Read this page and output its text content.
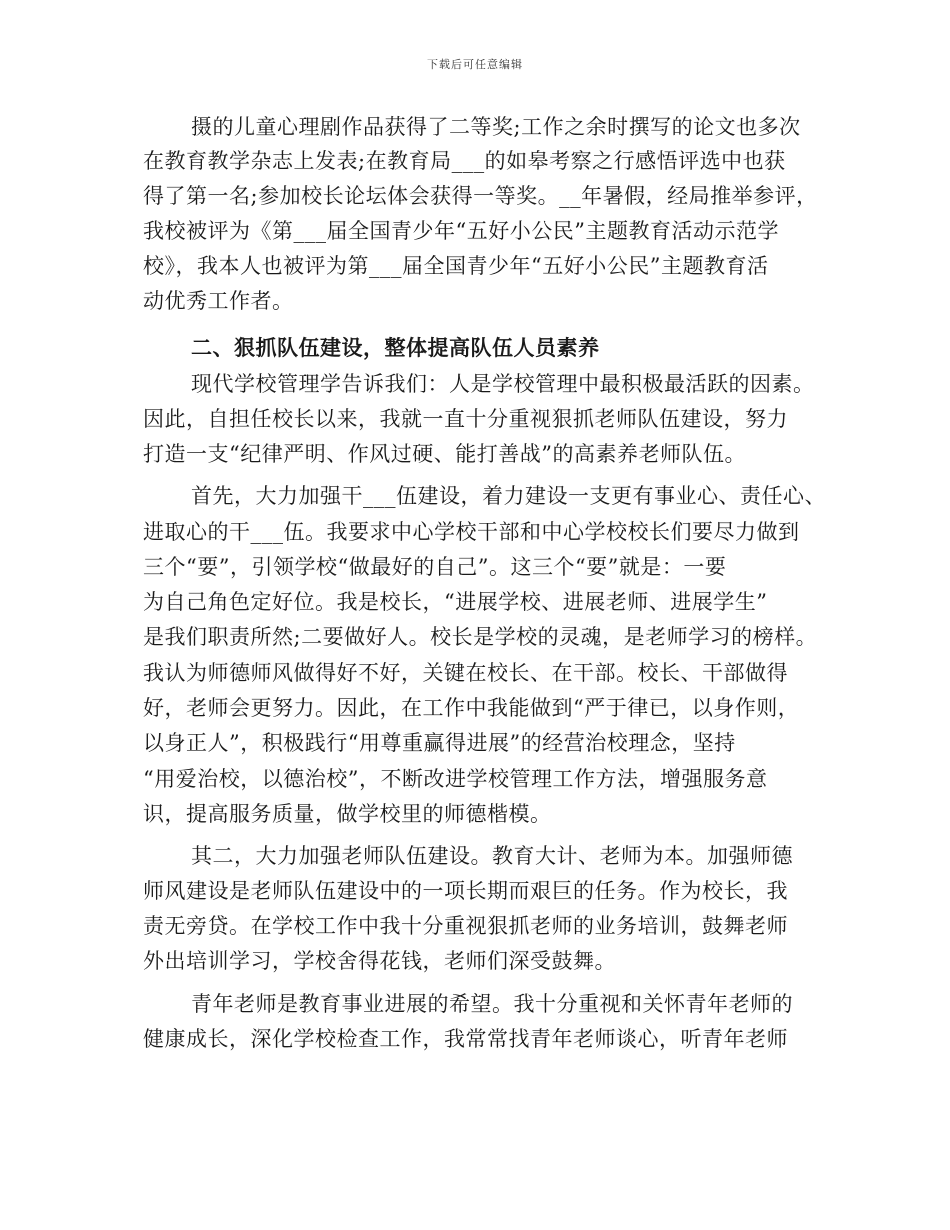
下载后可任意编辑
摄的儿童心理剧作品获得了二等奖;工作之余时撰写的论文也多次
在教育教学杂志上发表;在教育局___的如皋考察之行感悟评选中也获
得了第一名;参加校长论坛体会获得一等奖。__年暑假，经局推举参评，
我校被评为《第___届全国青少年“五好小公民”主题教育活动示范学
校》，我本人也被评为第___届全国青少年“五好小公民”主题教育活
动优秀工作者。
二、狠抓队伍建设，整体提高队伍人员素养
现代学校管理学告诉我们：人是学校管理中最积极最活跃的因素。
因此，自担任校长以来，我就一直十分重视狠抓老师队伍建设，努力
打造一支“纪律严明、作风过硬、能打善战”的高素养老师队伍。
首先，大力加强干___伍建设，着力建设一支更有事业心、责任心、
进取心的干___伍。我要求中心学校干部和中心学校校长们要尽力做到
三个“要”，引领学校“做最好的自己”。这三个“要”就是：一要
为自己角色定好位。我是校长，“进展学校、进展老师、进展学生”
是我们职责所然;二要做好人。校长是学校的灵魂，是老师学习的榜样。
我认为师德师风做得好不好，关键在校长、在干部。校长、干部做得
好，老师会更努力。因此，在工作中我能做到“严于律已，以身作则，
以身正人”，积极践行“用尊重赢得进展”的经营治校理念，坚持
“用爱治校，以德治校”，不断改进学校管理工作方法，增强服务意
识，提高服务质量，做学校里的师德楷模。
其二，大力加强老师队伍建设。教育大计、老师为本。加强师德
师风建设是老师队伍建设中的一项长期而艰巨的任务。作为校长，我
责无旁贷。在学校工作中我十分重视狠抓老师的业务培训，鼓舞老师
外出培训学习，学校舍得花钱，老师们深受鼓舞。
青年老师是教育事业进展的希望。我十分重视和关怀青年老师的
健康成长，深化学校检查工作，我常常找青年老师谈心，听青年老师
